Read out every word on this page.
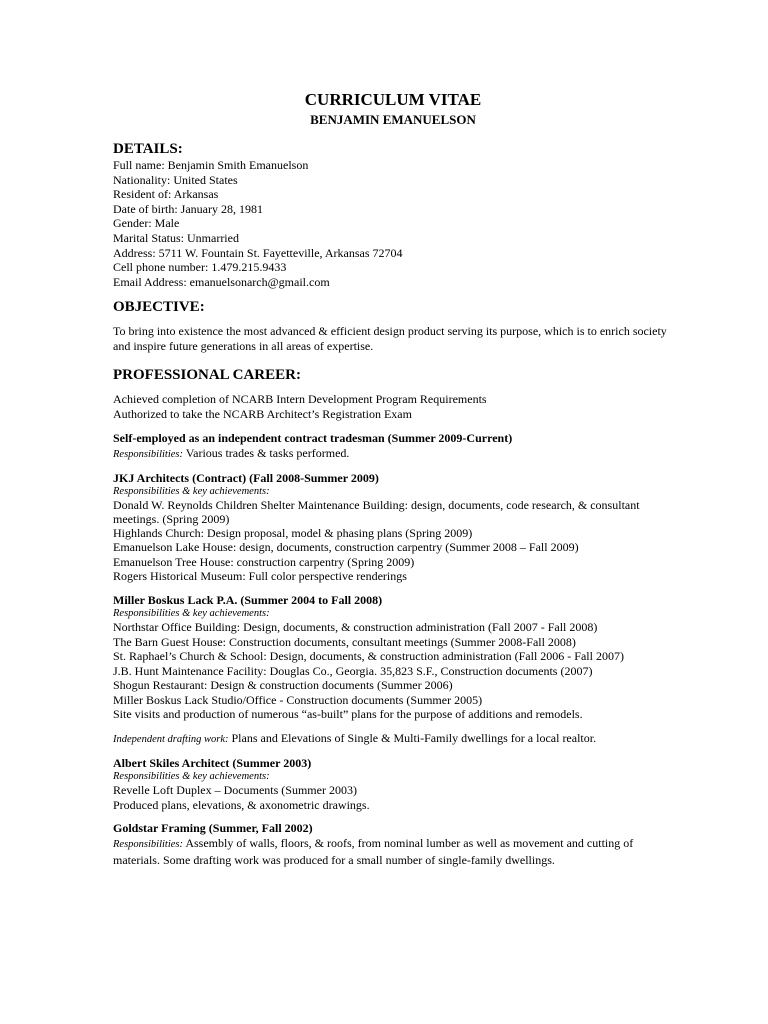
CURRICULUM VITAE
BENJAMIN EMANUELSON
DETAILS:
Full name: Benjamin Smith Emanuelson
Nationality: United States
Resident of: Arkansas
Date of birth: January 28, 1981
Gender: Male
Marital Status: Unmarried
Address: 5711 W. Fountain St. Fayetteville, Arkansas 72704
Cell phone number: 1.479.215.9433
Email Address: emanuelsonarch@gmail.com
OBJECTIVE:

To bring into existence the most advanced & efficient design product serving its purpose, which is to enrich society and inspire future generations in all areas of expertise.

PROFESSIONAL CAREER:
Achieved completion of NCARB Intern Development Program Requirements
Authorized to take the NCARB Architect’s Registration Exam
Self-employed as an independent contract tradesman (Summer 2009-Current)

Responsibilities: Various trades & tasks performed.

JKJ Architects (Contract) (Fall 2008-Summer 2009)
Responsibilities & key achievements:

Donald W. Reynolds Children Shelter Maintenance Building: design, documents, code research, & consultant meetings. (Spring 2009)

Highlands Church: Design proposal, model & phasing plans (Spring 2009)
Emanuelson Lake House: design, documents, construction carpentry (Summer 2008 – Fall 2009)
Emanuelson Tree House: construction carpentry (Spring 2009)
Rogers Historical Museum: Full color perspective renderings
Miller Boskus Lack P.A. (Summer 2004 to Fall 2008)
Responsibilities & key achievements:
Northstar Office Building: Design, documents, & construction administration (Fall 2007 - Fall 2008)
The Barn Guest House: Construction documents, consultant meetings (Summer 2008-Fall 2008)
St. Raphael’s Church & School: Design, documents, & construction administration (Fall 2006 - Fall 2007)
J.B. Hunt Maintenance Facility: Douglas Co., Georgia. 35,823 S.F., Construction documents (2007)
Shogun Restaurant: Design & construction documents (Summer 2006)
Miller Boskus Lack Studio/Office - Construction documents (Summer 2005)
Site visits and production of numerous “as-built” plans for the purpose of additions and remodels.

Independent drafting work: Plans and Elevations of Single & Multi-Family dwellings for a local realtor.

Albert Skiles Architect (Summer 2003)
Responsibilities & key achievements:
Revelle Loft Duplex – Documents (Summer 2003)
Produced plans, elevations, & axonometric drawings.
Goldstar Framing (Summer, Fall 2002)

Responsibilities: Assembly of walls, floors, & roofs, from nominal lumber as well as movement and cutting of materials. Some drafting work was produced for a small number of single-family dwellings.
